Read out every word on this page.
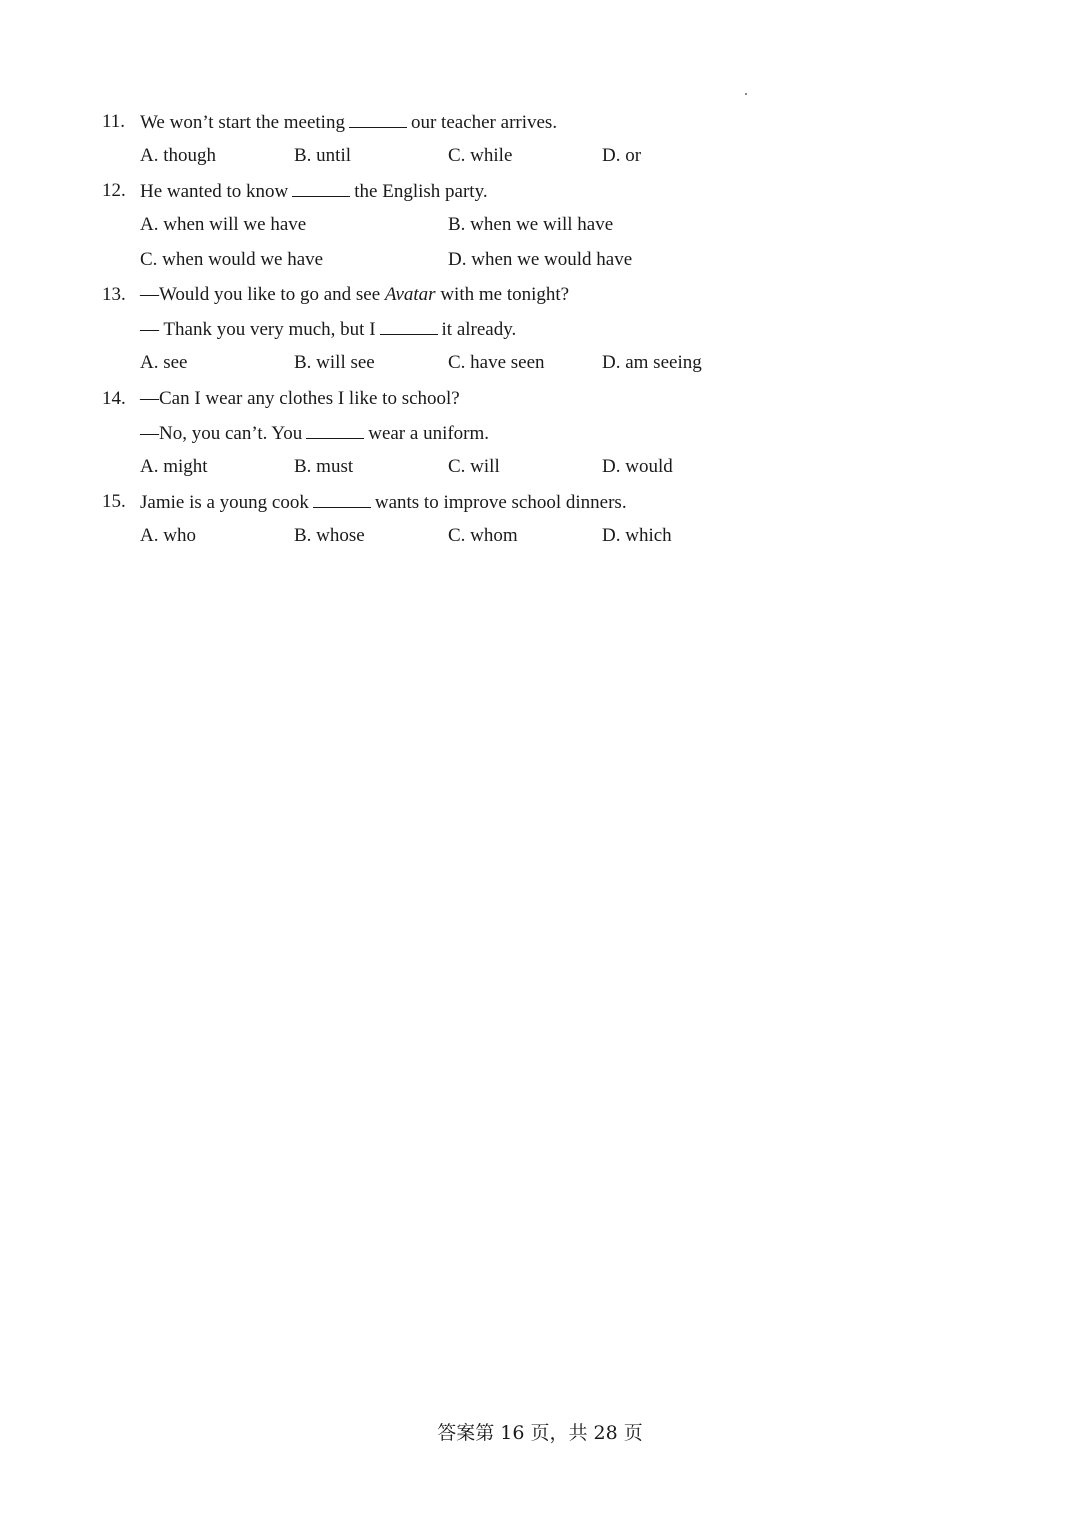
11. We won’t start the meeting	our teacher arrives.
A. though	B. until	C. while	D. or
12. He wanted to know	the English party.
A. when will we have	B. when we will have
C. when would we have	D. when we would have
13. —Would you like to go and see Avatar with me tonight?
— Thank you very much, but I	it already.
A. see	B. will see	C. have seen	D. am seeing
14. —Can I wear any clothes I like to school?
—No, you can’t. You	wear a uniform.
A. might	B. must	C. will	D. would
15. Jamie is a young cook	wants to improve school dinners.
A. who	B. whose	C. whom	D. which
答案第 16 页，共 28 页
